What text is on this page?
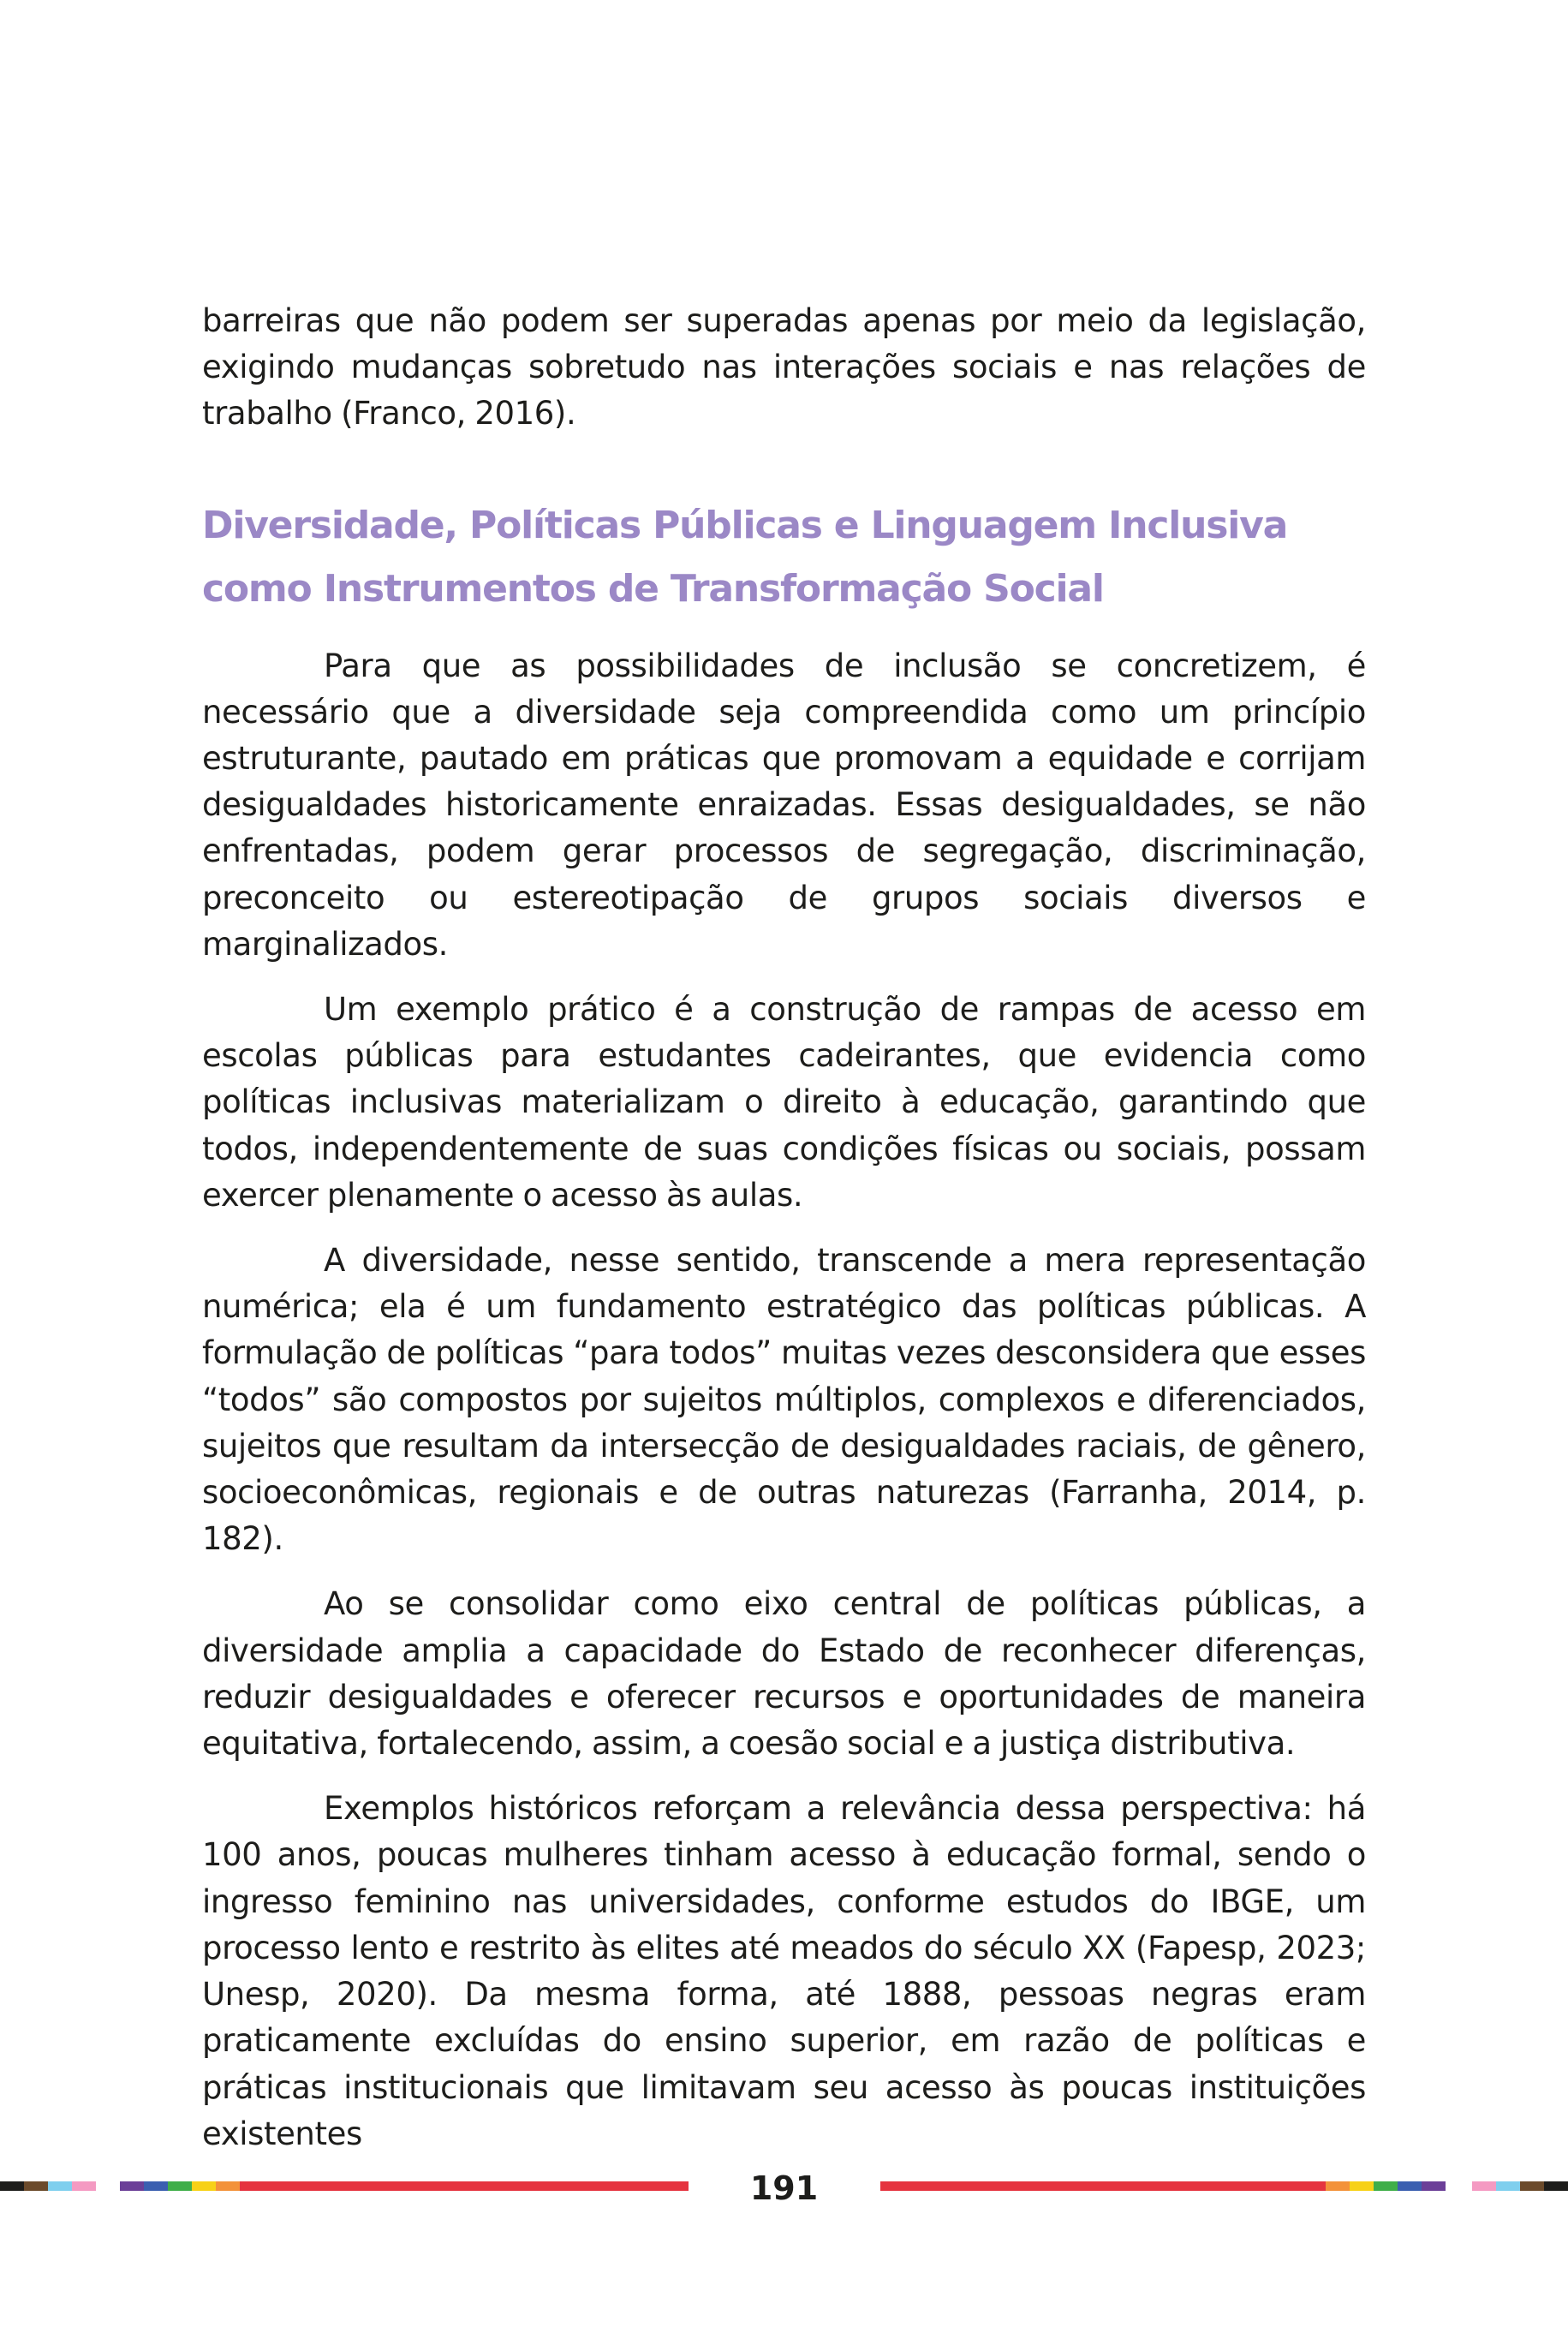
barreiras que não podem ser superadas apenas por meio da legislação, exigindo mudanças sobretudo nas interações sociais e nas relações de trabalho (Franco, 2016).

Diversidade, Políticas Públicas e Linguagem Inclusiva como Instrumentos de Transformação Social

Para que as possibilidades de inclusão se concretizem, é necessário que a diversidade seja compreendida como um princípio estruturante, pautado em práticas que promovam a equidade e corrijam desigualdades historicamente enraizadas. Essas desigualdades, se não enfrentadas, podem gerar processos de segregação, discriminação, preconceito ou estereotipação de grupos sociais diversos e marginalizados.

Um exemplo prático é a construção de rampas de acesso em escolas públicas para estudantes cadeirantes, que evidencia como políticas inclusivas materializam o direito à educação, garantindo que todos, independentemente de suas condições físicas ou sociais, possam exercer plenamente o acesso às aulas.

A diversidade, nesse sentido, transcende a mera representação numérica; ela é um fundamento estratégico das políticas públicas. A formulação de políticas “para todos” muitas vezes desconsidera que esses “todos” são compostos por sujeitos múltiplos, complexos e diferenciados, sujeitos que resultam da intersecção de desigualdades raciais, de gênero, socioeconômicas, regionais e de outras naturezas (Farranha, 2014, p. 182).

Ao se consolidar como eixo central de políticas públicas, a diversidade amplia a capacidade do Estado de reconhecer diferenças, reduzir desigualdades e oferecer recursos e oportunidades de maneira equitativa, fortalecendo, assim, a coesão social e a justiça distributiva.

Exemplos históricos reforçam a relevância dessa perspectiva: há 100 anos, poucas mulheres tinham acesso à educação formal, sendo o ingresso feminino nas universidades, conforme estudos do IBGE, um processo lento e restrito às elites até meados do século XX (Fapesp, 2023; Unesp, 2020). Da mesma forma, até 1888, pessoas negras eram praticamente excluídas do ensino superior, em razão de políticas e práticas institucionais que limitavam seu acesso às poucas instituições existentes

191
